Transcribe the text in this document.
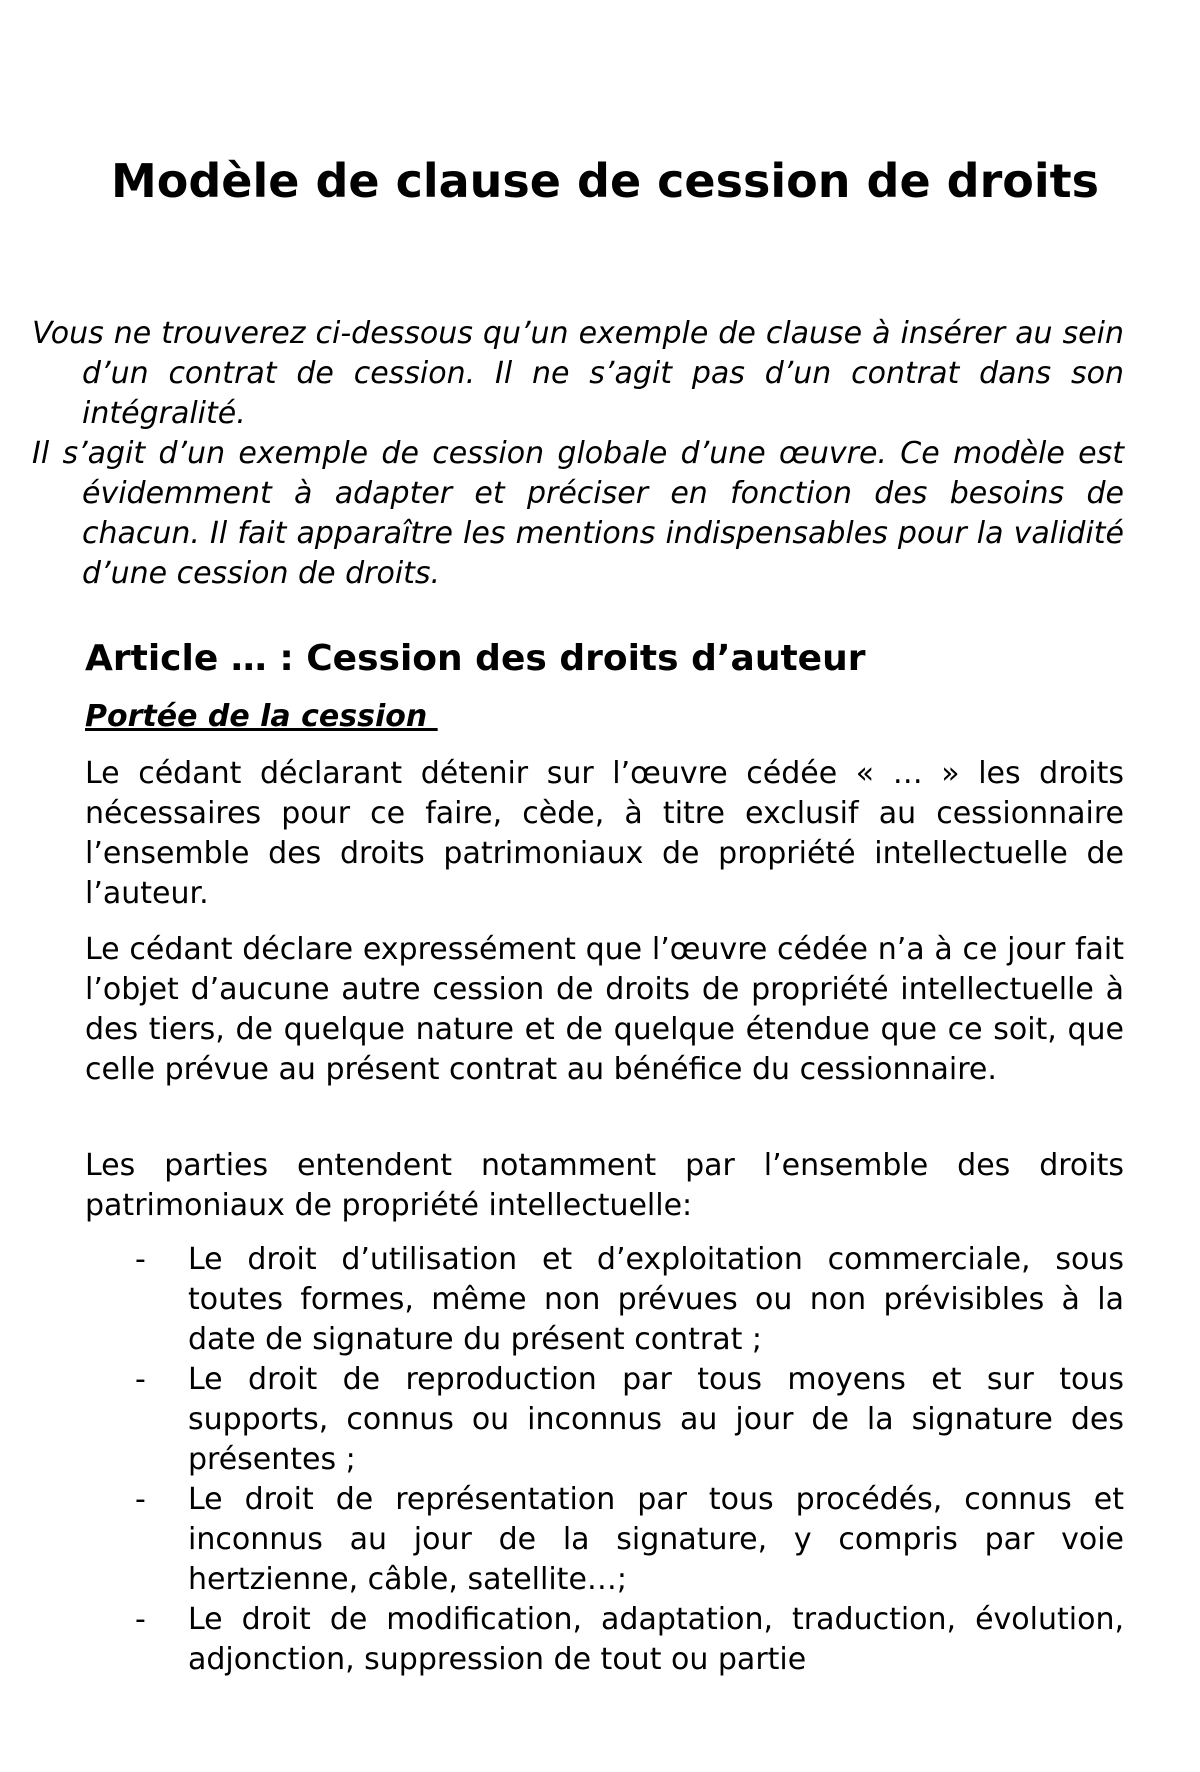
Modèle de clause de cession de droits

Vous ne trouverez ci-dessous qu’un exemple de clause à insérer au sein d’un contrat de cession. Il ne s’agit pas d’un contrat dans son intégralité.

Il s’agit d’un exemple de cession globale d’une œuvre. Ce modèle est évidemment à adapter et préciser en fonction des besoins de chacun. Il fait apparaître les mentions indispensables pour la validité d’une cession de droits.

Article … : Cession des droits d’auteur
Portée de la cession

Le cédant déclarant détenir sur l’œuvre cédée « … » les droits nécessaires pour ce faire, cède, à titre exclusif au cessionnaire l’ensemble des droits patrimoniaux de propriété intellectuelle de l’auteur.

Le cédant déclare expressément que l’œuvre cédée n’a à ce jour fait l’objet d’aucune autre cession de droits de propriété intellectuelle à des tiers, de quelque nature et de quelque étendue que ce soit, que celle prévue au présent contrat au bénéfice du cessionnaire.

Les parties entendent notamment par l’ensemble des droits patrimoniaux de propriété intellectuelle:

- Le droit d’utilisation et d’exploitation commerciale, sous toutes formes, même non prévues ou non prévisibles à la date de signature du présent contrat ;
- Le droit de reproduction par tous moyens et sur tous supports, connus ou inconnus au jour de la signature des présentes ;
- Le droit de représentation par tous procédés, connus et inconnus au jour de la signature, y compris par voie hertzienne, câble, satellite…;
- Le droit de modification, adaptation, traduction, évolution, adjonction, suppression de tout ou partie
